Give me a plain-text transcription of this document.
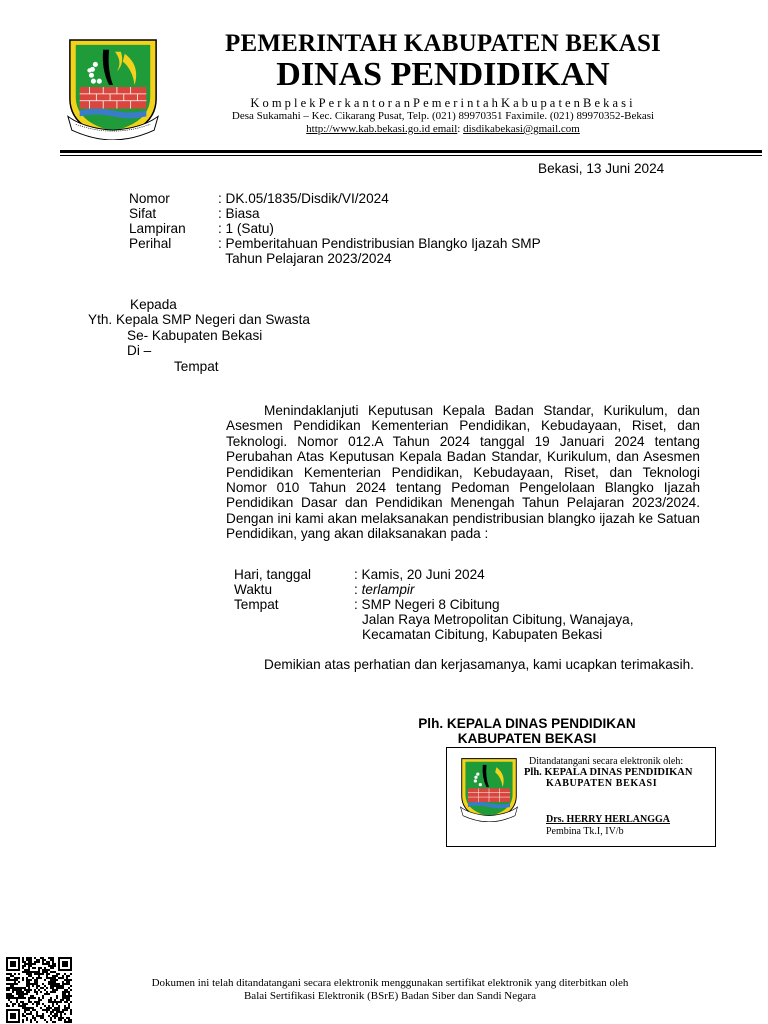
PEMERINTAH KABUPATEN BEKASI
DINAS PENDIDIKAN
KomplekPerkantoranPemerintahKabupatenBekasi
Desa Sukamahi – Kec. Cikarang Pusat, Telp. (021) 89970351 Faximile. (021) 89970352-Bekasi
http://www.kab.bekasi.go.id email: disdikabekasi@gmail.com
Bekasi, 13 Juni 2024
Nomor
Sifat
Lampiran
Perihal
: DK.05/1835/Disdik/VI/2024
: Biasa
: 1 (Satu)
: Pemberitahuan Pendistribusian Blangko Ijazah SMP
Tahun Pelajaran 2023/2024
Kepada
Yth. Kepala SMP Negeri dan Swasta
Se- Kabupaten Bekasi
Di –
Tempat
Menindaklanjuti Keputusan Kepala Badan Standar, Kurikulum, dan Asesmen Pendidikan Kementerian Pendidikan, Kebudayaan, Riset, dan Teknologi. Nomor 012.A Tahun 2024 tanggal 19 Januari 2024 tentang Perubahan Atas Keputusan Kepala Badan Standar, Kurikulum, dan Asesmen Pendidikan Kementerian Pendidikan, Kebudayaan, Riset, dan Teknologi Nomor 010 Tahun 2024 tentang Pedoman Pengelolaan Blangko Ijazah Pendidikan Dasar dan Pendidikan Menengah Tahun Pelajaran 2023/2024. Dengan ini kami akan melaksanakan pendistribusian blangko ijazah ke Satuan Pendidikan, yang akan dilaksanakan pada :
Hari, tanggal
Waktu
Tempat
: Kamis, 20 Juni 2024
: terlampir
: SMP Negeri 8 Cibitung
Jalan Raya Metropolitan Cibitung, Wanajaya,
Kecamatan Cibitung, Kabupaten Bekasi
Demikian atas perhatian dan kerjasamanya, kami ucapkan terimakasih.
Plh. KEPALA DINAS PENDIDIKAN
KABUPATEN BEKASI
Ditandatangani secara elektronik oleh:
Plh. KEPALA DINAS PENDIDIKAN
KABUPATEN BEKASI
Drs. HERRY HERLANGGA
Pembina Tk.I, IV/b
Dokumen ini telah ditandatangani secara elektronik menggunakan sertifikat elektronik yang diterbitkan oleh
Balai Sertifikasi Elektronik (BSrE) Badan Siber dan Sandi Negara
